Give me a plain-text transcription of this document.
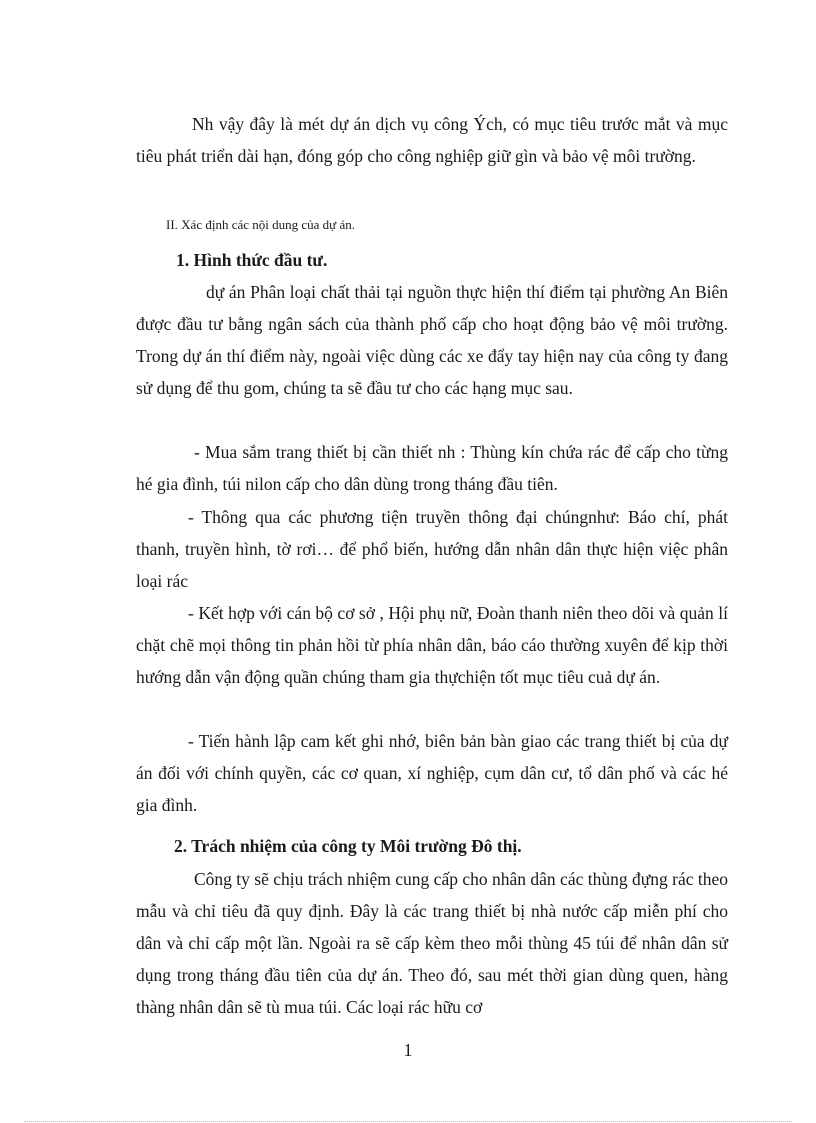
Nh vậy đây là mét dự án dịch vụ công Ých, có mục tiêu trước mắt và mục tiêu phát triển dài hạn, đóng góp cho công nghiệp giữ gìn và bảo vệ môi trường.

II. Xác định các nội dung của dự án.

1. Hình thức đầu tư.

dự án Phân loại chất thải tại nguồn thực hiện thí điểm tại phường An Biên được đầu tư bằng ngân sách của thành phố cấp cho hoạt động bảo vệ môi trường. Trong dự án thí điểm này, ngoài việc dùng các xe đẩy tay hiện nay của công ty đang sử dụng để thu gom, chúng ta sẽ đầu tư cho các hạng mục sau.

- Mua sắm trang thiết bị cần thiết nh : Thùng kín chứa rác để cấp cho từng hé gia đình, túi nilon cấp cho dân dùng trong tháng đầu tiên.

- Thông qua các phương tiện truyền thông đại chúngnhư: Báo chí, phát thanh, truyền hình, tờ rơi… để phổ biến, hướng dẫn nhân dân thực hiện việc phân loại rác

- Kết hợp với cán bộ cơ sở , Hội phụ nữ, Đoàn thanh niên theo dõi và quản lí chặt chẽ mọi thông tin phản hồi từ phía nhân dân, báo cáo thường xuyên để kịp thời hướng dẫn vận động quần chúng tham gia thựchiện tốt mục tiêu cuả dự án.

- Tiến hành lập cam kết ghi nhớ, biên bản bàn giao các trang thiết bị của dự án đối với chính quyền, các cơ quan, xí nghiệp, cụm dân cư, tổ dân phố và các hé gia đình.

2. Trách nhiệm của công ty Môi trường Đô thị.

Công ty sẽ chịu trách nhiệm cung cấp cho nhân dân các thùng đựng rác theo mẫu và chỉ tiêu đã quy định. Đây là các trang thiết bị nhà nước cấp miễn phí cho dân và chỉ cấp một lần. Ngoài ra sẽ cấp kèm theo mỗi thùng 45 túi để nhân dân sử dụng trong tháng đầu tiên của dự án. Theo đó, sau mét thời gian dùng quen, hàng thàng nhân dân sẽ tù mua túi. Các loại rác hữu cơ

1
